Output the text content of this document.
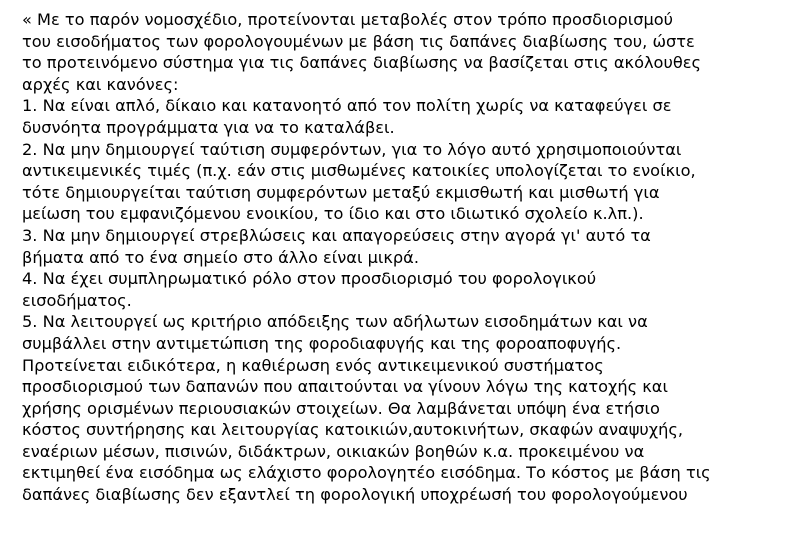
« Με το παρόν νομοσχέδιο, προτείνονται μεταβολές στον τρόπο προσδιορισμού
του εισοδήματος των φορολογουμένων με βάση τις δαπάνες διαβίωσης του, ώστε
το προτεινόμενο σύστημα για τις δαπάνες διαβίωσης να βασίζεται στις ακόλουθες
αρχές και κανόνες:
1. Να είναι απλό, δίκαιο και κατανοητό από τον πολίτη χωρίς να καταφεύγει σε
δυσνόητα προγράμματα για να το καταλάβει.
2. Να μην δημιουργεί ταύτιση συμφερόντων, για το λόγο αυτό χρησιμοποιούνται
αντικειμενικές τιμές (π.χ. εάν στις μισθωμένες κατοικίες υπολογίζεται το ενοίκιο,
τότε δημιουργείται ταύτιση συμφερόντων μεταξύ εκμισθωτή και μισθωτή για
μείωση του εμφανιζόμενου ενοικίου, το ίδιο και στο ιδιωτικό σχολείο κ.λπ.).
3. Να μην δημιουργεί στρεβλώσεις και απαγορεύσεις στην αγορά γι' αυτό τα
βήματα από το ένα σημείο στο άλλο είναι μικρά.
4. Να έχει συμπληρωματικό ρόλο στον προσδιορισμό του φορολογικού
εισοδήματος.
5. Να λειτουργεί ως κριτήριο απόδειξης των αδήλωτων εισοδημάτων και να
συμβάλλει στην αντιμετώπιση της φοροδιαφυγής και της φοροαποφυγής.
Προτείνεται ειδικότερα, η καθιέρωση ενός αντικειμενικού συστήματος
προσδιορισμού των δαπανών που απαιτούνται να γίνουν λόγω της κατοχής και
χρήσης ορισμένων περιουσιακών στοιχείων. Θα λαμβάνεται υπόψη ένα ετήσιο
κόστος συντήρησης και λειτουργίας κατοικιών,αυτοκινήτων, σκαφών αναψυχής,
εναέριων μέσων, πισινών, διδάκτρων, οικιακών βοηθών κ.α. προκειμένου να
εκτιμηθεί ένα εισόδημα ως ελάχιστο φορολογητέο εισόδημα. Το κόστος με βάση τις
δαπάνες διαβίωσης δεν εξαντλεί τη φορολογική υποχρέωσή του φορολογούμενου
